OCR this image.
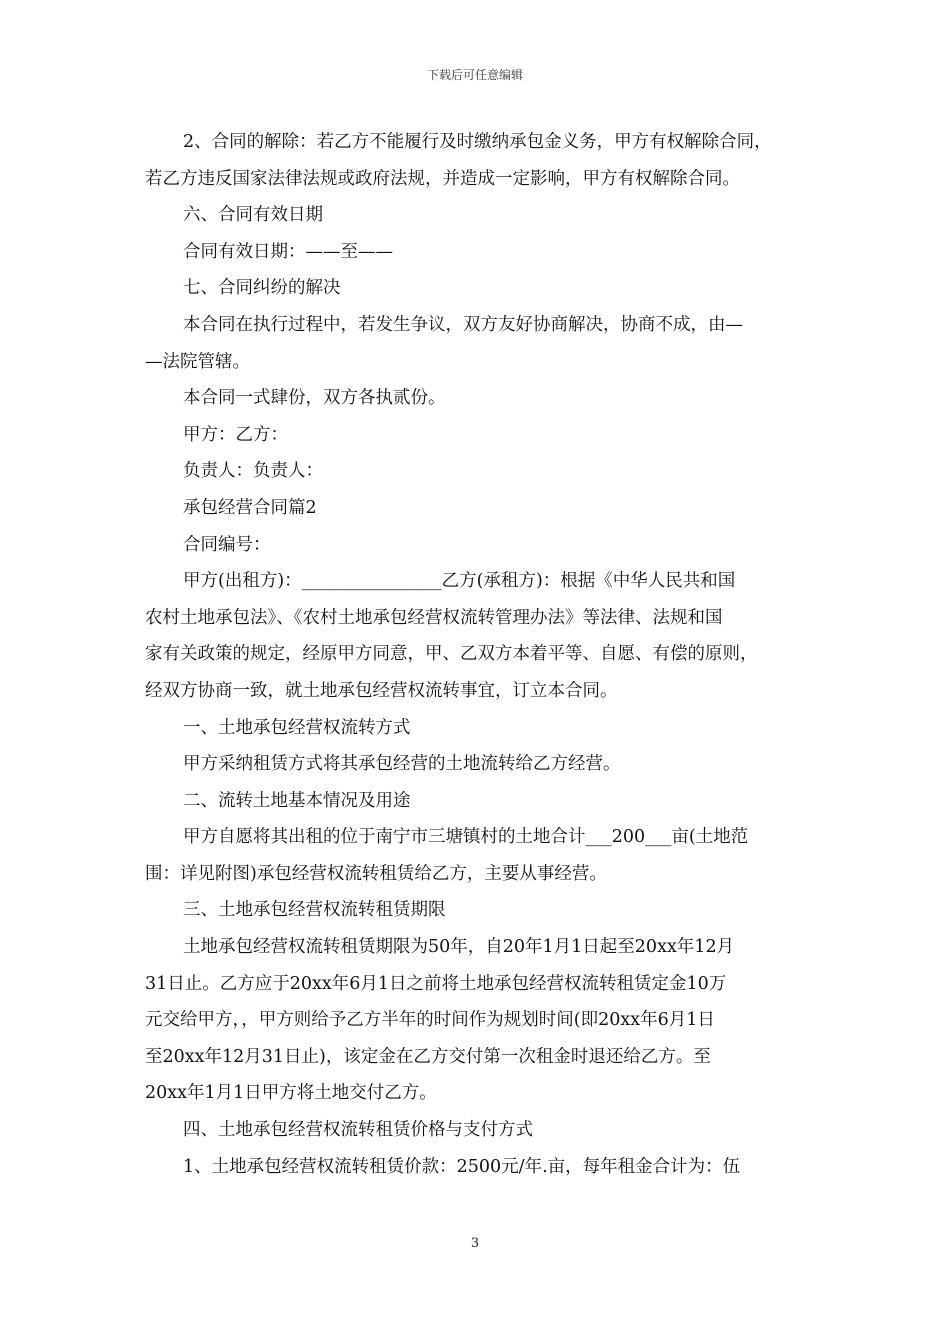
下载后可任意编辑

2、合同的解除：若乙方不能履行及时缴纳承包金义务，甲方有权解除合同，

若乙方违反国家法律法规或政府法规，并造成一定影响，甲方有权解除合同。

六、合同有效日期

合同有效日期：——至——

七、合同纠纷的解决

本合同在执行过程中，若发生争议，双方友好协商解决，协商不成，由—

—法院管辖。

本合同一式肆份，双方各执贰份。

甲方：乙方：

负责人：负责人：

承包经营合同篇2

合同编号：

甲方(出租方)：________________乙方(承租方)：根据《中华人民共和国

农村土地承包法》、《农村土地承包经营权流转管理办法》等法律、法规和国

家有关政策的规定，经原甲方同意，甲、乙双方本着平等、自愿、有偿的原则，

经双方协商一致，就土地承包经营权流转事宜，订立本合同。

一、土地承包经营权流转方式

甲方采纳租赁方式将其承包经营的土地流转给乙方经营。

二、流转土地基本情况及用途

甲方自愿将其出租的位于南宁市三塘镇村的土地合计___200___亩(土地范

围：详见附图)承包经营权流转租赁给乙方，主要从事经营。

三、土地承包经营权流转租赁期限

土地承包经营权流转租赁期限为50年，自20年1月1日起至20xx年12月

31日止。乙方应于20xx年6月1日之前将土地承包经营权流转租赁定金10万

元交给甲方，，甲方则给予乙方半年的时间作为规划时间(即20xx年6月1日

至20xx年12月31日止)，该定金在乙方交付第一次租金时退还给乙方。至

20xx年1月1日甲方将土地交付乙方。

四、土地承包经营权流转租赁价格与支付方式

1、土地承包经营权流转租赁价款：2500元/年.亩，每年租金合计为：伍

3
